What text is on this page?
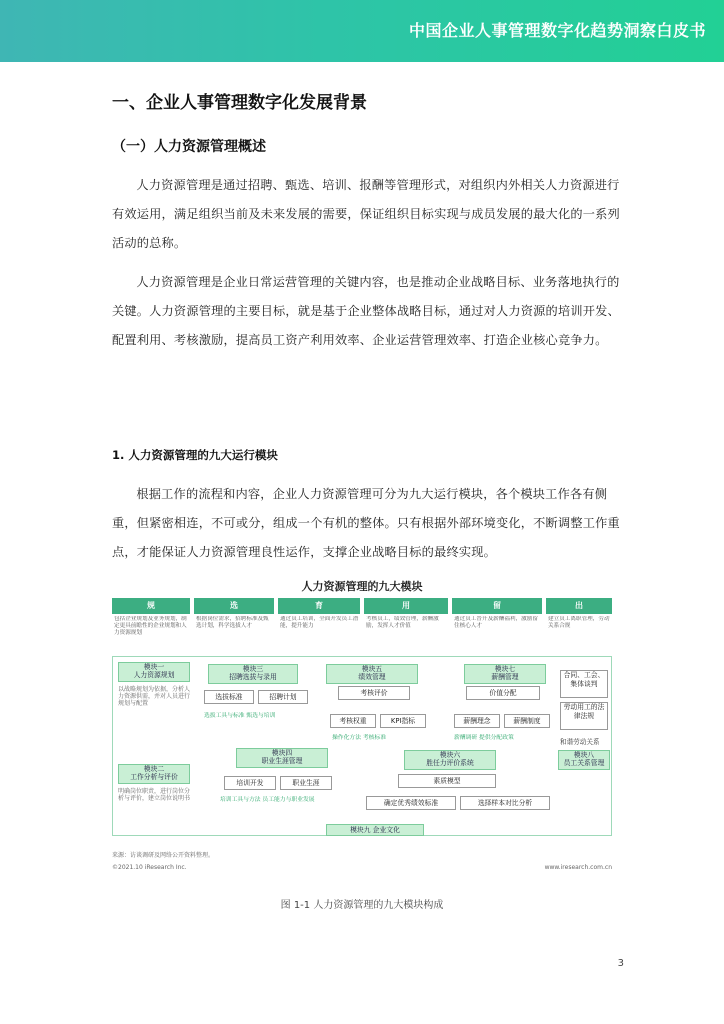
中国企业人事管理数字化趋势洞察白皮书
一、企业人事管理数字化发展背景
（一）人力资源管理概述

人力资源管理是通过招聘、甄选、培训、报酬等管理形式，对组织内外相关人力资源进行有效运用，满足组织当前及未来发展的需要，保证组织目标实现与成员发展的最大化的一系列活动的总称。

人力资源管理是企业日常运营管理的关键内容，也是推动企业战略目标、业务落地执行的关键。人力资源管理的主要目标，就是基于企业整体战略目标，通过对人力资源的培训开发、配置利用、考核激励，提高员工资产利用效率、企业运营管理效率、打造企业核心竞争力。

1. 人力资源管理的九大运行模块

根据工作的流程和内容，企业人力资源管理可分为九大运行模块，各个模块工作各有侧重，但紧密相连，不可或分，组成一个有机的整体。只有根据外部环境变化，不断调整工作重点，才能保证人力资源管理良性运作，支撑企业战略目标的最终实现。

人力资源管理的九大模块
规	选	育	用	留	出
包括企业规划及业务规划，制定更具前瞻性的企业规划和人力资源规划
根据岗位需求，招聘标准及甄选计划，科学选拔人才
通过员工培训，全面开发员工潜能，提升能力
考核员工，绩效管理，薪酬激励，发挥人才价值
通过员工晋升及薪酬福利，激励留住核心人才
建立员工离职管理，劳动关系合规
模块一
人力资源规划
以战略规划为依据，分析人力资源供需，并对人员进行规划与配置
模块二
工作分析与评价
明确岗位职责，进行岗位分析与评价，建立岗位说明书
模块三
招聘选拔与录用
选拔标准	招聘计划
选拔工具与标准 甄选与培训
模块四
职业生涯管理
培训开发	职业生涯
培训工具与方法 员工能力与职业发展
模块五
绩效管理
考核评价
考核权重	KPI指标
操作化方法 考核标准
模块六
胜任力评价系统
素质模型
确定优秀绩效标准	选择样本对比分析
模块七
薪酬管理
价值分配
薪酬理念	薪酬制度
薪酬调研 提供分配政策
合同、工会、集体谈判
劳动用工的法律法规
和谐劳动关系
模块八
员工关系管理
模块九 企业文化
来源：访谈调研及网络公开资料整理。
©2021.10 iResearch Inc.	www.iresearch.com.cn
图 1-1 人力资源管理的九大模块构成
3
